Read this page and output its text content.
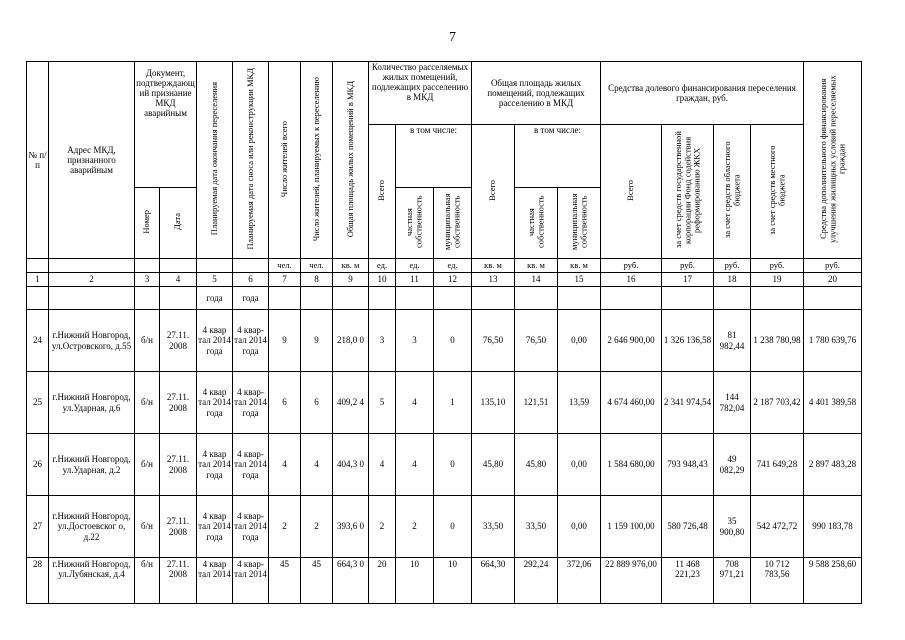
7
№ п/п	Адрес МКД, признанного аварийным	Документ, подтверждающий признание МКД аварийным		Планируемая дата окончания переселения	Планируемая дата сноса или реконструкции МКД	Число жителей всего	Число жителей, планируемых к переселению	Общая площадь жилых помещений в МКД	Количество расселяемых жилых помещений, подлежащих расселению в МКД			Общая площадь жилых помещений, подлежащих расселению в МКД			Средства долевого финансирования переселения граждан, руб.				Средства дополнительного финансирования улучшения жилищных условий переселяемых граждан
									Всего	в том числе:		Всего	в том числе:		Всего	за счет средств государственной корпорации Фонд содействия реформированию ЖКХ	за счет средств областного бюджета	за счет средств местного бюджета	
		Номер	Дата							частная собственность	муниципальная собственность		частная собственность	муниципальная собственность					
						чел.	чел.	кв. м	ед.	ед.	ед.	кв. м	кв. м	кв. м	руб.	руб.	руб.	руб.	руб.
1	2	3	4	5	6	7	8	9	10	11	12	13	14	15	16	17	18	19	20
				года	года														
24	г.Нижний Новгород, ул.Островского, д.55	б/н	27.11. 2008	4 квар тал 2014 года	4 квар- тал 2014 года	9	9	218,0 0	3	3	0	76,50	76,50	0,00	2 646 900,00	1 326 136,58	81 982,44	1 238 780,98	1 780 639,76
25	г.Нижний Новгород, ул.Ударная, д.6	б/н	27.11. 2008	4 квар тал 2014 года	4 квар- тал 2014 года	6	6	409,2 4	5	4	1	135,10	121,51	13,59	4 674 460,00	2 341 974,54	144 782,04	2 187 703,42	4 401 389,58
26	г.Нижний Новгород, ул.Ударная, д.2	б/н	27.11. 2008	4 квар тал 2014 года	4 квар- тал 2014 года	4	4	404,3 0	4	4	0	45,80	45,80	0,00	1 584 680,00	793 948,43	49 082,29	741 649,28	2 897 483,28
27	г.Нижний Новгород, ул.Достоевског о, д.22	б/н	27.11. 2008	4 квар тал 2014 года	4 квар- тал 2014 года	2	2	393,6 0	2	2	0	33,50	33,50	0,00	1 159 100,00	580 726,48	35 900,80	542 472,72	990 183,78
28	г.Нижний Новгород, ул.Лубянская, д.4	б/н	27.11. 2008	4 квар тал 2014	4 квар- тал 2014	45	45	664,3 0	20	10	10	664,30	292,24	372,06	22 889 976,00	11 468 221,23	708 971,21	10 712 783,56	9 588 258,60
